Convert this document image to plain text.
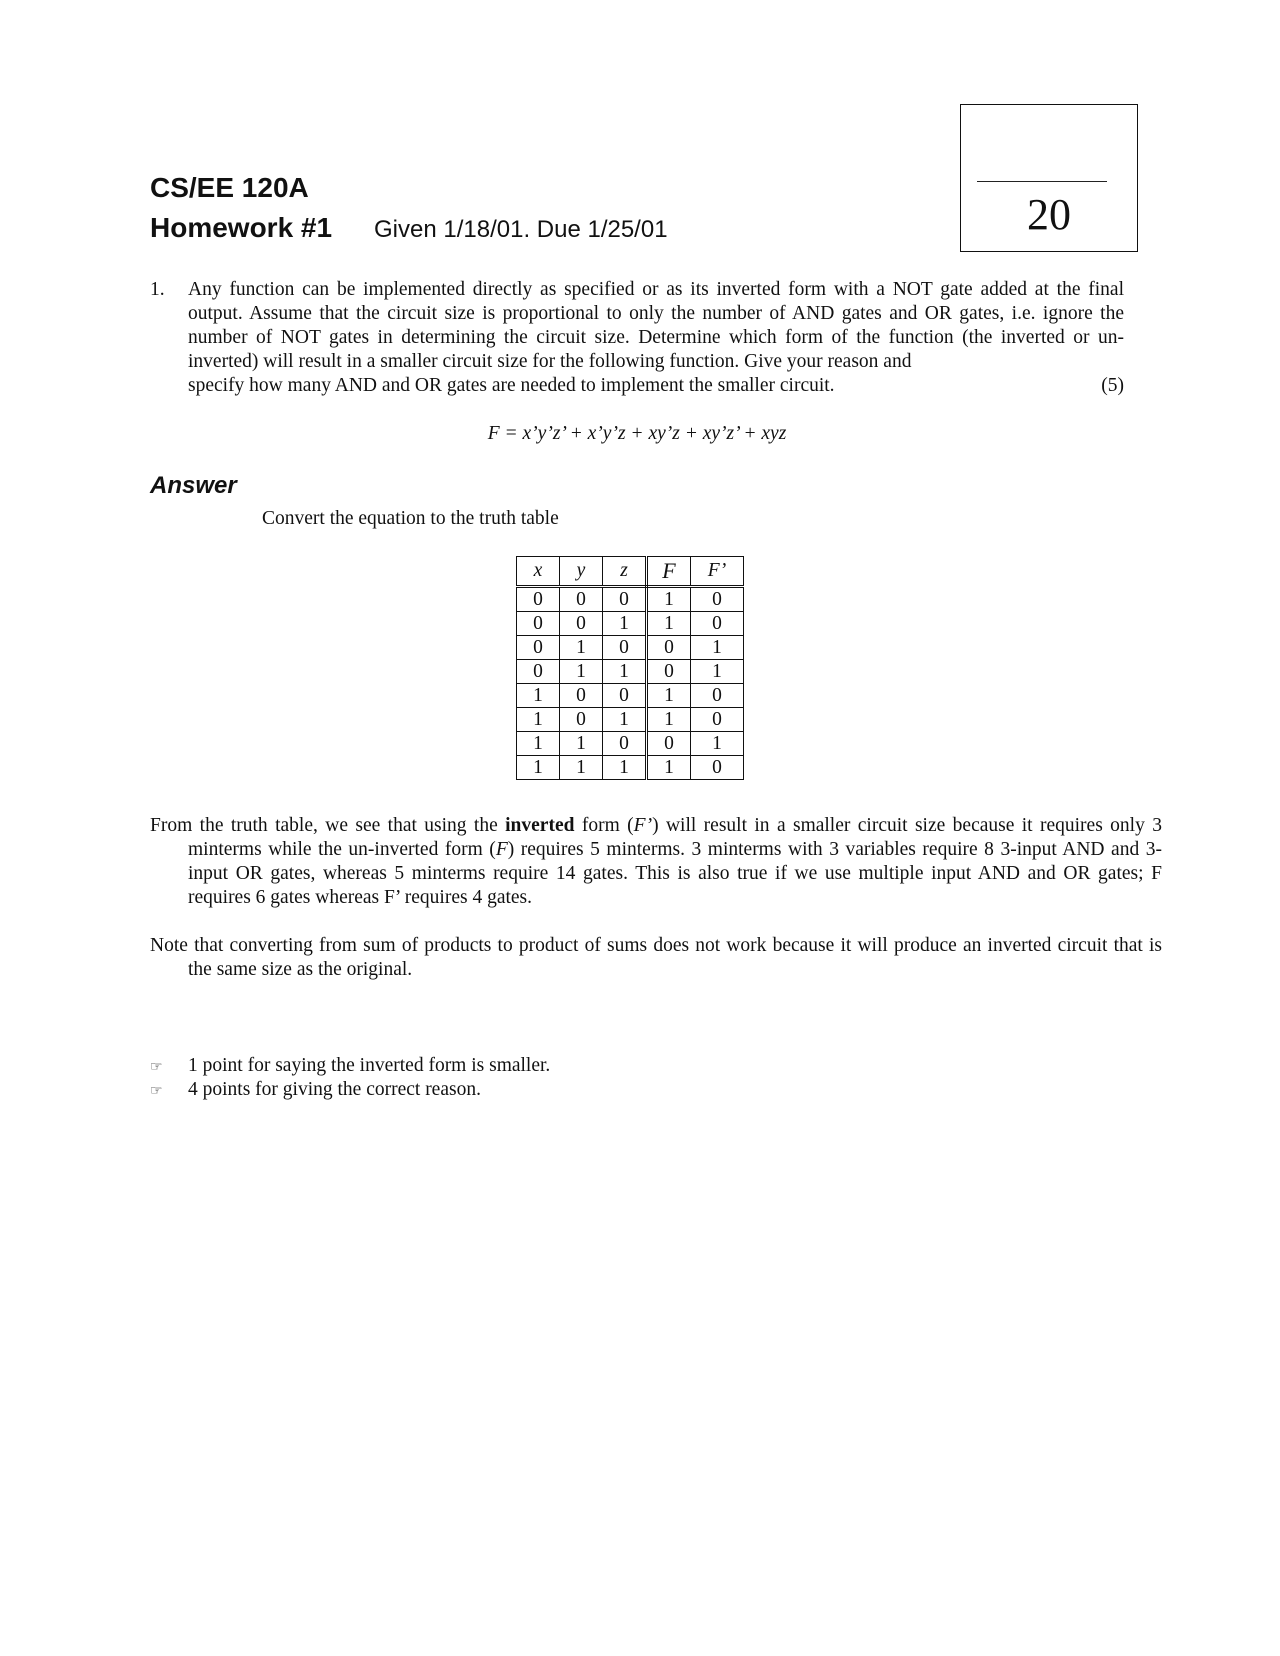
CS/EE 120A
Homework #1 Given 1/18/01. Due 1/25/01	20
1. Any function can be implemented directly as specified or as its inverted form with a NOT gate added at the final output. Assume that the circuit size is proportional to only the number of AND gates and OR gates, i.e. ignore the number of NOT gates in determining the circuit size. Determine which form of the function (the inverted or un-inverted) will result in a smaller circuit size for the following function. Give your reason and
specify how many AND and OR gates are needed to implement the smaller circuit.	(5)
F = x’y’z’ + x’y’z + xy’z + xy’z’ + xyz
Answer
Convert the equation to the truth table
x	y	z	F	F’
0	0	0	1	0
0	0	1	1	0
0	1	0	0	1
0	1	1	0	1
1	0	0	1	0
1	0	1	1	0
1	1	0	0	1
1	1	1	1	0
From the truth table, we see that using the inverted form (F’) will result in a smaller circuit size because it requires only 3 minterms while the un-inverted form (F) requires 5 minterms. 3 minterms with 3 variables require 8 3-input AND and 3-input OR gates, whereas 5 minterms require 14 gates. This is also true if we use multiple input AND and OR gates; F requires 6 gates whereas F’ requires 4 gates.
Note that converting from sum of products to product of sums does not work because it will produce an inverted circuit that is the same size as the original.
☞ 1 point for saying the inverted form is smaller.
☞ 4 points for giving the correct reason.
